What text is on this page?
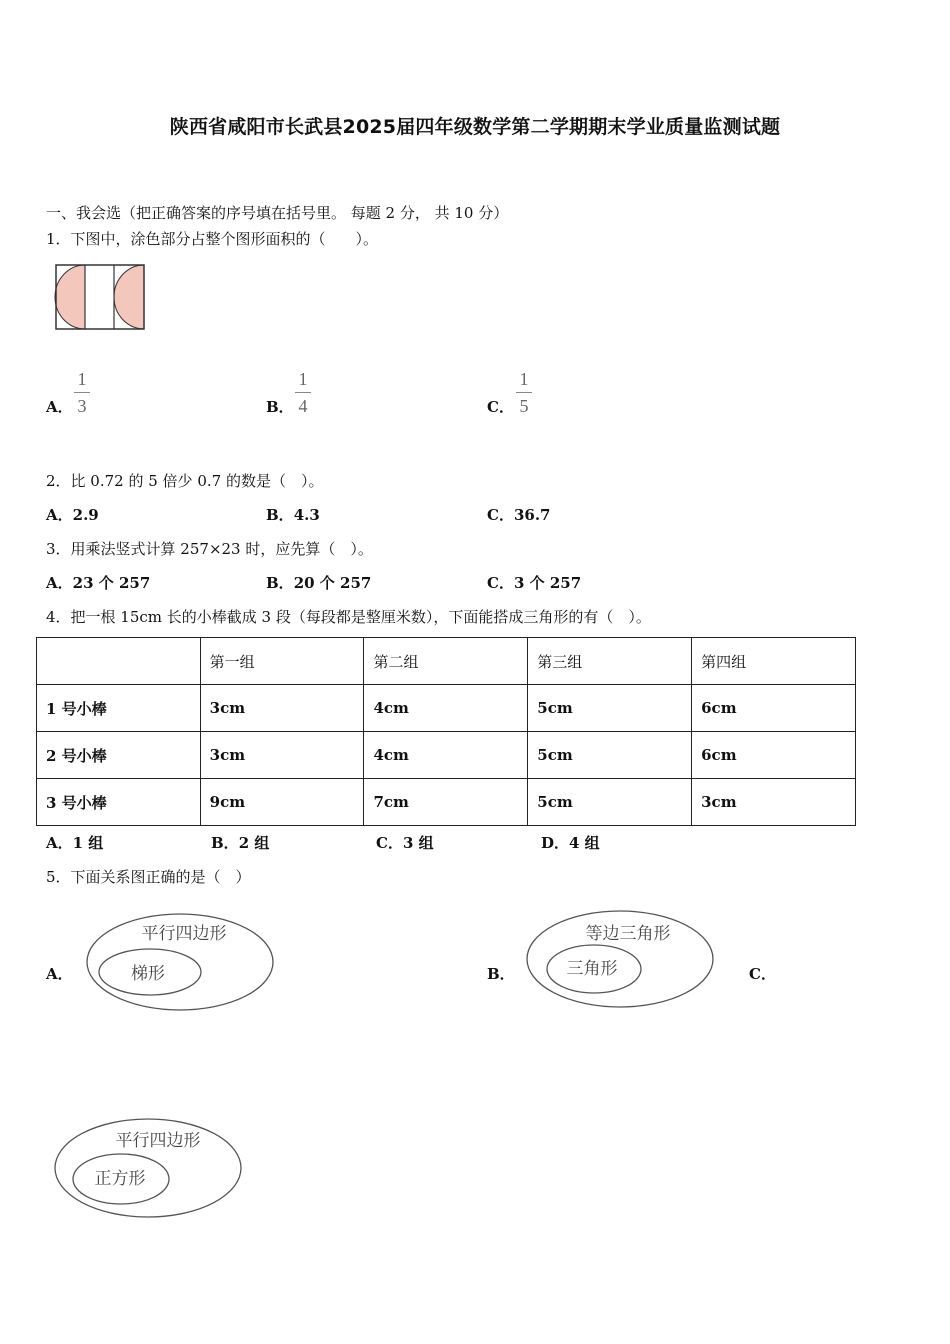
陕西省咸阳市长武县2025届四年级数学第二学期期末学业质量监测试题
一、我会选（把正确答案的序号填在括号里。 每题 2 分， 共 10 分）
1．下图中，涂色部分占整个图形面积的（　　）。
A．
1
3	B．
1
4	C．
1
5
2．比 0.72 的 5 倍少 0.7 的数是（　）。
A．2.9	B．4.3	C．36.7
3．用乘法竖式计算 257×23 时，应先算（　）。
A．23 个 257	B．20 个 257	C．3 个 257
4．把一根 15cm 长的小棒截成 3 段（每段都是整厘米数），下面能搭成三角形的有（　）。
	第一组	第二组	第三组	第四组
1 号小棒	3cm	4cm	5cm	6cm
2 号小棒	3cm	4cm	5cm	6cm
3 号小棒	9cm	7cm	5cm	3cm
A．1 组	B．2 组	C．3 组	D．4 组
5．下面关系图正确的是（　）
A．
平行四边形
梯形	B．
等边三角形
三角形	C．
平行四边形
正方形
